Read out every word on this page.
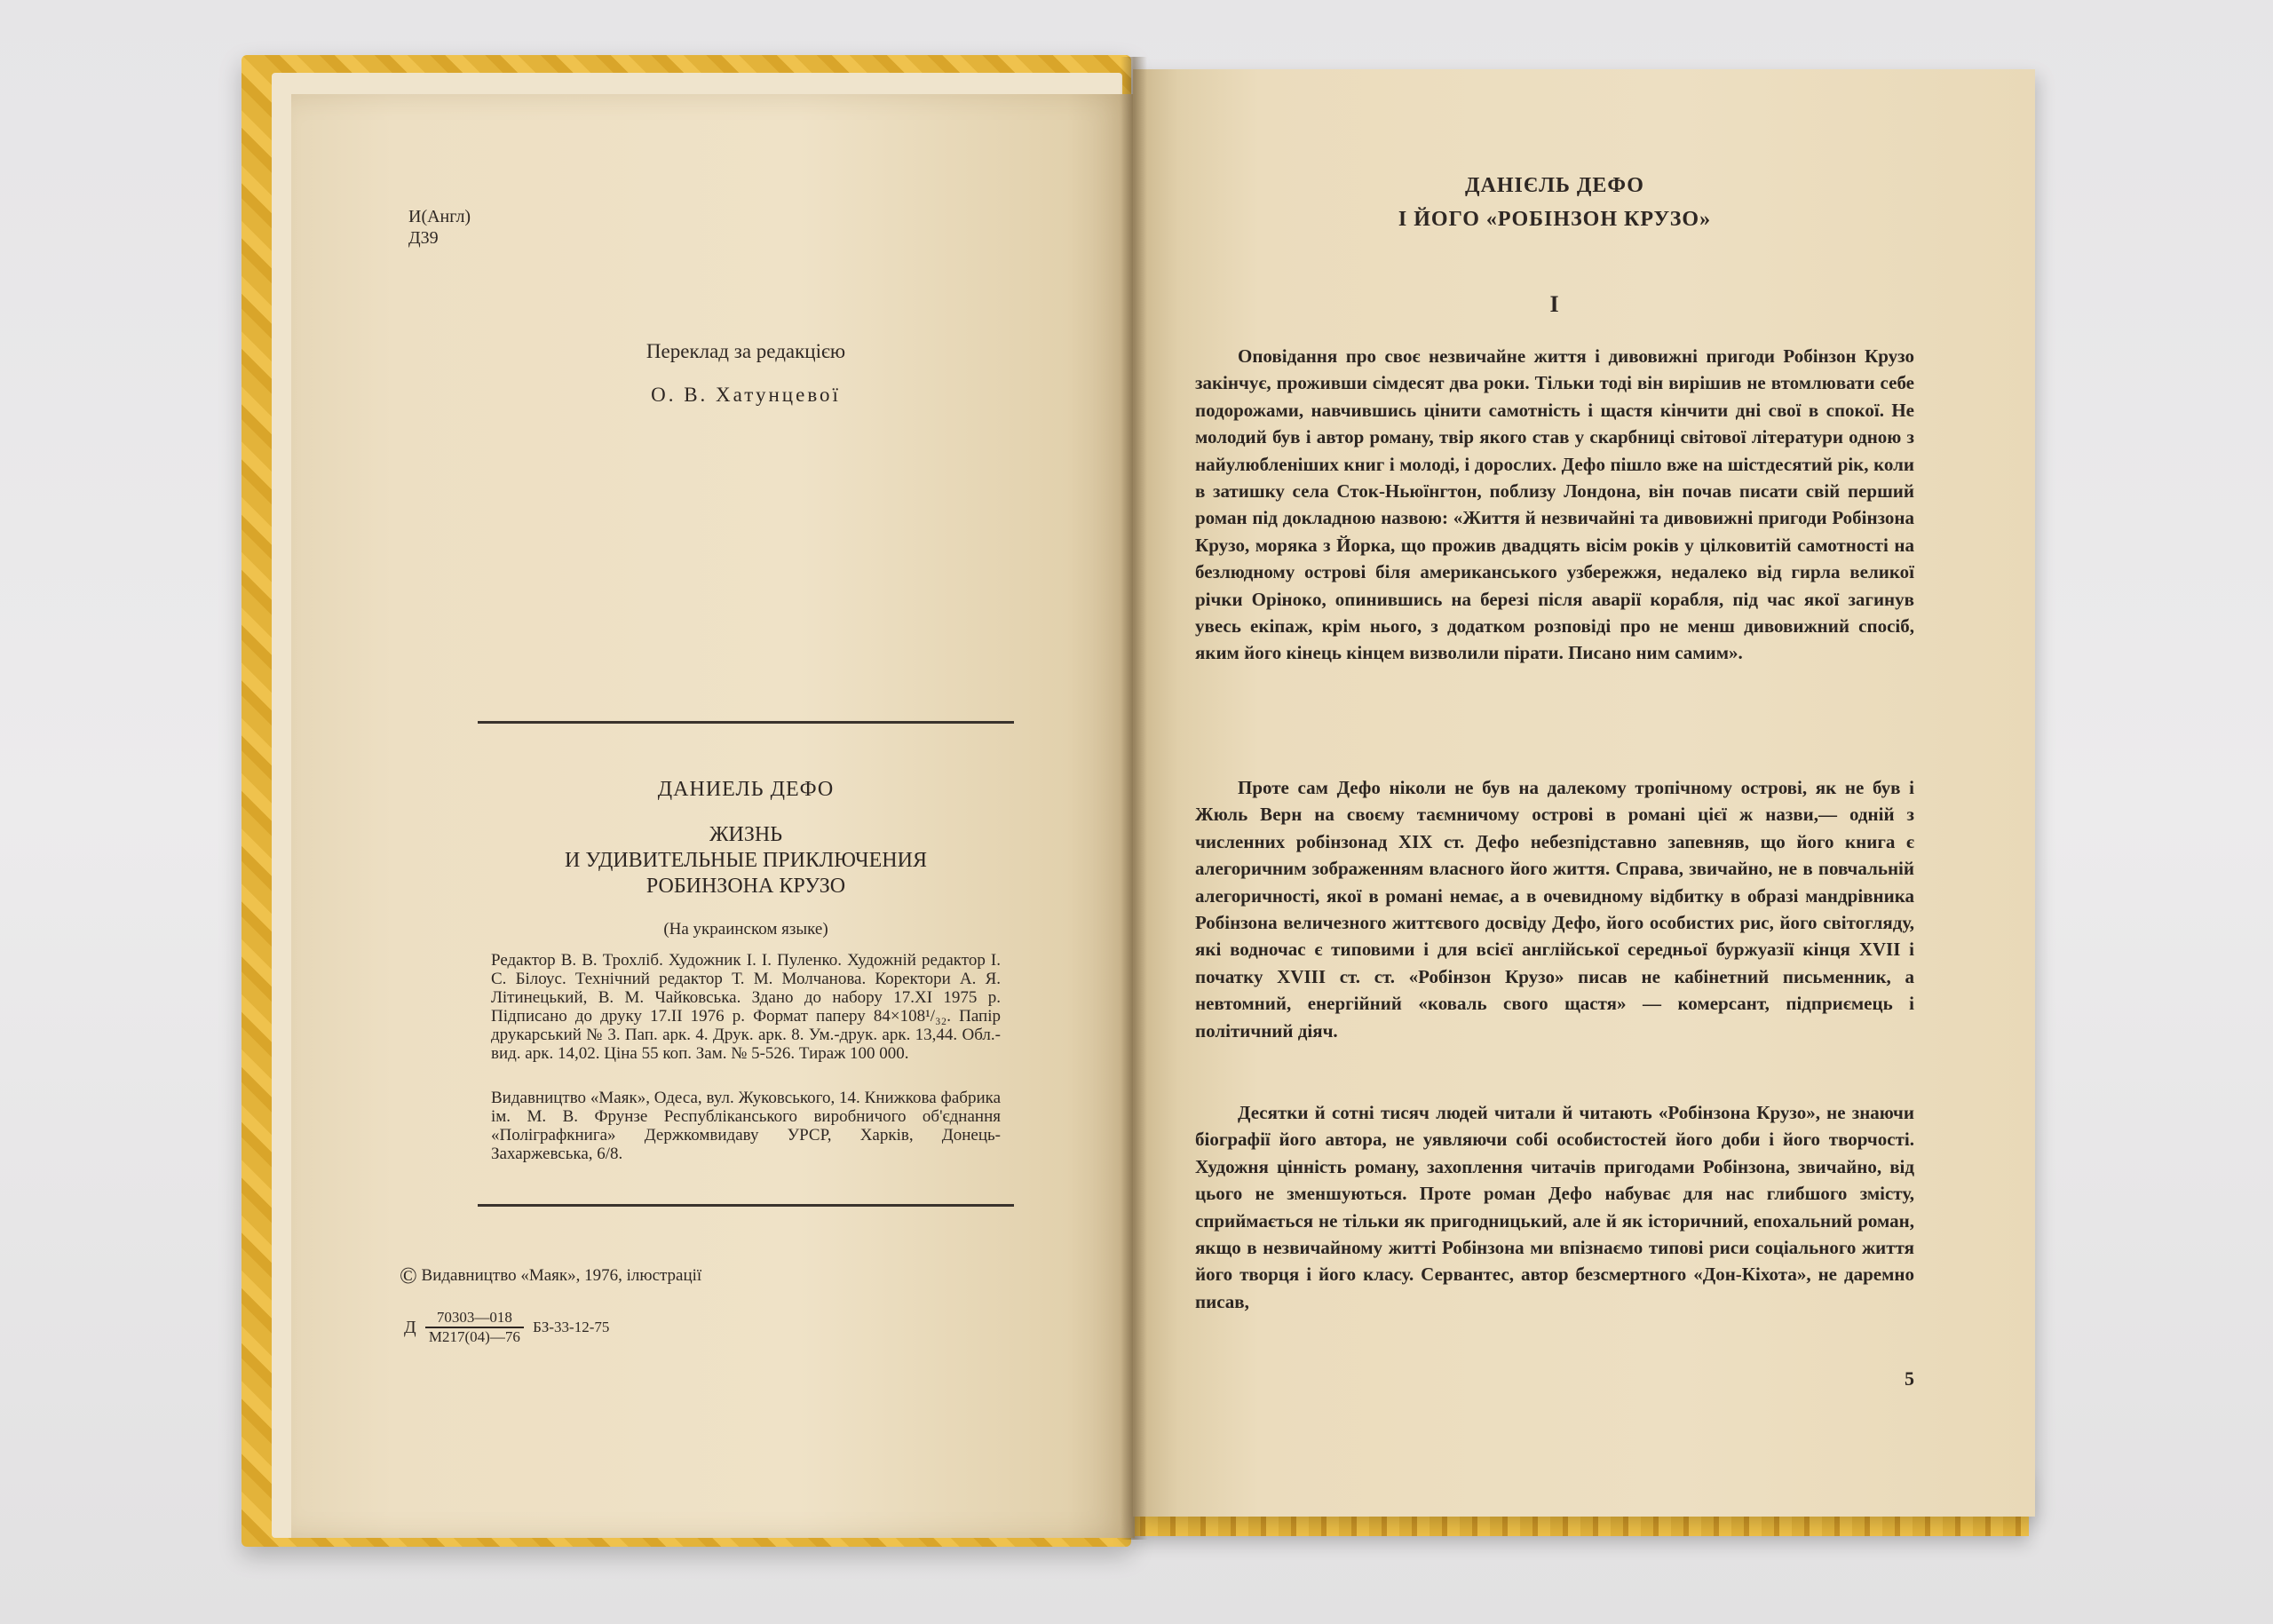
И(Англ)
Д39
Переклад за редакцією
О. В. Хатунцевої
ДАНИЕЛЬ ДЕФО
ЖИЗНЬ
И УДИВИТЕЛЬНЫЕ ПРИКЛЮЧЕНИЯ
РОБИНЗОНА КРУЗО
(На украинском языке)
Редактор В. В. Трохліб. Художник І. І. Пуленко. Художній редактор І. С. Білоус. Технічний редактор Т. М. Молчанова. Коректори А. Я. Літинецький, В. М. Чайковська. Здано до набору 17.XI 1975 р. Підписано до друку 17.II 1976 р. Формат паперу 84×108¹/₃₂. Папір друкарський № 3. Пап. арк. 4. Друк. арк. 8. Ум.-друк. арк. 13,44. Обл.-вид. арк. 14,02. Ціна 55 коп. Зам. № 5-526. Тираж 100 000.
Видавництво «Маяк», Одеса, вул. Жуковського, 14. Книжкова фабрика ім. М. В. Фрунзе Республіканського виробничого об'єднання «Поліграфкнига» Держкомвидаву УРСР, Харків, Донець-Захаржевська, 6/8.
© Видавництво «Маяк», 1976, ілюстрації
Д	70303—018
М217(04)—76
БЗ-33-12-75
ДАНІЄЛЬ ДЕФО
І ЙОГО «РОБІНЗОН КРУЗО»
I
Оповідання про своє незвичайне життя і дивовижні пригоди Робінзон Крузо закінчує, проживши сімдесят два роки. Тільки тоді він вирішив не втомлювати себе подорожами, навчившись цінити самотність і щастя кінчити дні свої в спокої. Не молодий був і автор роману, твір якого став у скарбниці світової літератури одною з найулюбленіших книг і молоді, і дорослих. Дефо пішло вже на шістдесятий рік, коли в затишку села Сток-Ньюїнгтон, поблизу Лондона, він почав писати свій перший роман під докладною назвою: «Життя й незвичайні та дивовижні пригоди Робінзона Крузо, моряка з Йорка, що прожив двадцять вісім років у цілковитій самотності на безлюдному острові біля американського узбережжя, недалеко від гирла великої річки Оріноко, опинившись на березі після аварії корабля, під час якої загинув увесь екіпаж, крім нього, з додатком розповіді про не менш дивовижний спосіб, яким його кінець кінцем визволили пірати. Писано ним самим».
Проте сам Дефо ніколи не був на далекому тропічному острові, як не був і Жюль Верн на своєму таємничому острові в романі цієї ж назви,— одній з численних робінзонад XIX ст. Дефо небезпідставно запевняв, що його книга є алегоричним зображенням власного його життя. Справа, звичайно, не в повчальній алегоричності, якої в романі немає, а в очевидному відбитку в образі мандрівника Робінзона величезного життєвого досвіду Дефо, його особистих рис, його світогляду, які водночас є типовими і для всієї англійської середньої буржуазії кінця XVII і початку XVIII ст. ст. «Робінзон Крузо» писав не кабінетний письменник, а невтомний, енергійний «коваль свого щастя» — комерсант, підприємець і політичний діяч.
Десятки й сотні тисяч людей читали й читають «Робінзона Крузо», не знаючи біографії його автора, не уявляючи собі особистостей його доби і його творчості. Художня цінність роману, захоплення читачів пригодами Робінзона, звичайно, від цього не зменшуються. Проте роман Дефо набуває для нас глибшого змісту, сприймається не тільки як пригодницький, але й як історичний, епохальний роман, якщо в незвичайному житті Робінзона ми впізнаємо типові риси соціального життя його творця і його класу. Сервантес, автор безсмертного «Дон-Кіхота», не даремно писав,
5
